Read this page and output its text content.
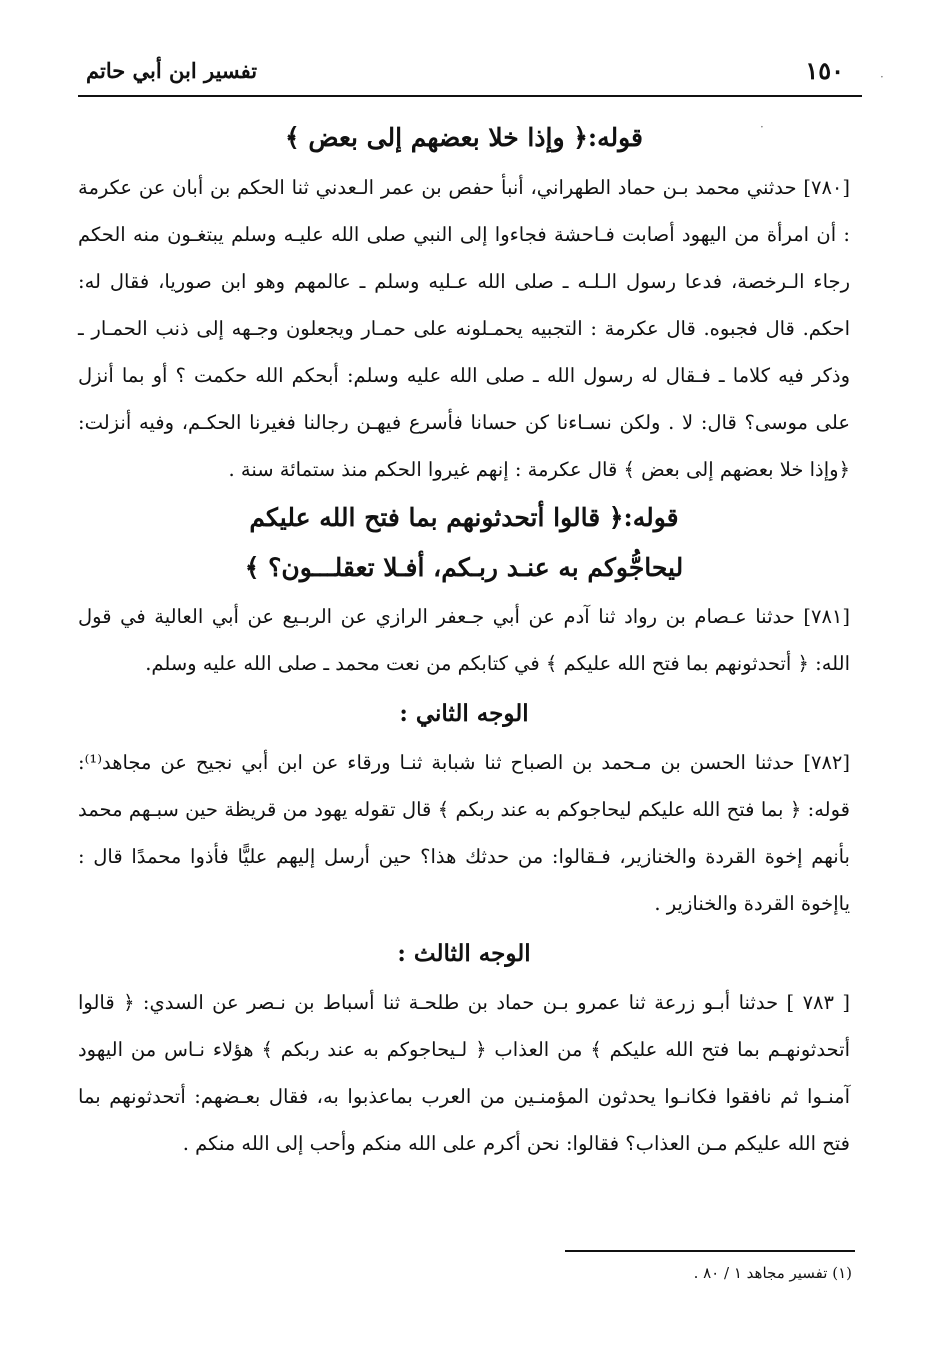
١٥٠
تفسير ابن أبي حاتم	·
·
قوله:﴿ وإذا خلا بعضهم إلى بعض ﴾

[٧٨٠] حدثني محمد بـن حماد الطهراني، أنبأ حفص بن عمر الـعدني ثنا الحكم بن أبان عن عكرمة : أن امرأة من اليهود أصابت فـاحشة فجاءوا إلى النبي صلى الله عليـه وسلم يبتغـون منه الحكم رجاء الـرخصة، فدعا رسول الـلـه ـ صلى الله عـليه وسلم ـ عالمهم وهو ابن صوريا، فقال له: احكم. قال فجبوه. قال عكرمة : التجبيه يحمـلونه على حمـار ويجعلون وجـهه إلى ذنب الحمـار ـ وذكر فيه كلاما ـ فـقال له رسول الله ـ صلى الله عليه وسلم: أبحكم الله حكمت ؟ أو بما أنزل على موسى؟ قال: لا . ولكن نسـاءنا كن حسانا فأسرع فيهـن رجالنا فغيرنا الحكـم، وفيه أنزلت: ﴿وإذا خلا بعضهم إلى بعض ﴾ قال عكرمة : إنهم غيروا الحكم منذ ستمائة سنة .

قوله:﴿ قالوا أتحدثونهم بما فتح الله عليكم
ليحاجُّوكم به عنـد ربـكم، أفـلا تعقلـــون؟ ﴾

[٧٨١] حدثنا عـصام بن رواد ثنا آدم عن أبي جـعفر الرازي عن الربـيع عن أبي العالية في قول الله: ﴿ أتحدثونهم بما فتح الله عليكم ﴾ في كتابكم من نعت محمد ـ صلى الله عليه وسلم.

الوجه الثاني :

[٧٨٢] حدثنا الحسن بن مـحمد بن الصباح ثنا شبابة ثنـا ورقاء عن ابن أبي نجيح عن مجاهد⁽¹⁾: قوله: ﴿ بما فتح الله عليكم ليحاجوكم به عند ربكم ﴾ قال تقوله يهود من قريظة حين سبـهم محمد بأنهم إخوة القردة والخنازير، فـقالوا: من حدثك هذا؟ حين أرسل إليهم عليًّا فأذوا محمدًا قال : ياإخوة القردة والخنازير .

الوجه الثالث :

[ ٧٨٣ ] حدثنا أبـو زرعة ثنا عمرو بـن حماد بن طلحـة ثنا أسباط بن نـصر عن السدي: ﴿ قالوا أتحدثونهـم بما فتح الله عليكم ﴾ من العذاب ﴿ لـيحاجوكم به عند ربكم ﴾ هؤلاء نـاس من اليهود آمنـوا ثم نافقوا فكانـوا يحدثون المؤمنـين من العرب بماعذبوا به، فقال بعـضهم: أتحدثونهم بما فتح الله عليكم مـن العذاب؟ فقالوا: نحن أكرم على الله منكم وأحب إلى الله منكم .

(١) تفسير مجاهد ١ / ٨٠ .
